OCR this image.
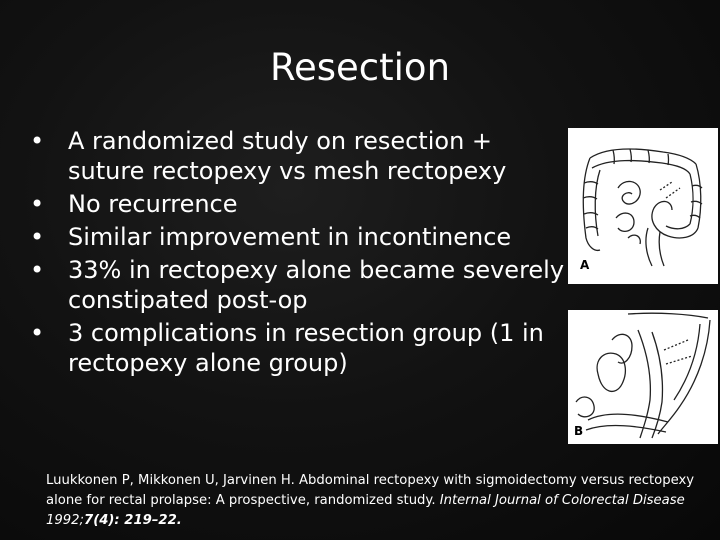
Resection
• A randomized study on resection + suture rectopexy vs mesh rectopexy
• No recurrence
• Similar improvement in incontinence
• 33% in rectopexy alone became severely constipated post-op
• 3 complications in resection group (1 in rectopexy alone group)
A
B
Luukkonen P, Mikkonen U, Jarvinen H. Abdominal rectopexy with sigmoidectomy versus rectopexy alone for rectal prolapse: A prospective, randomized study. Internal Journal of Colorectal Disease 1992;7(4): 219–22.
